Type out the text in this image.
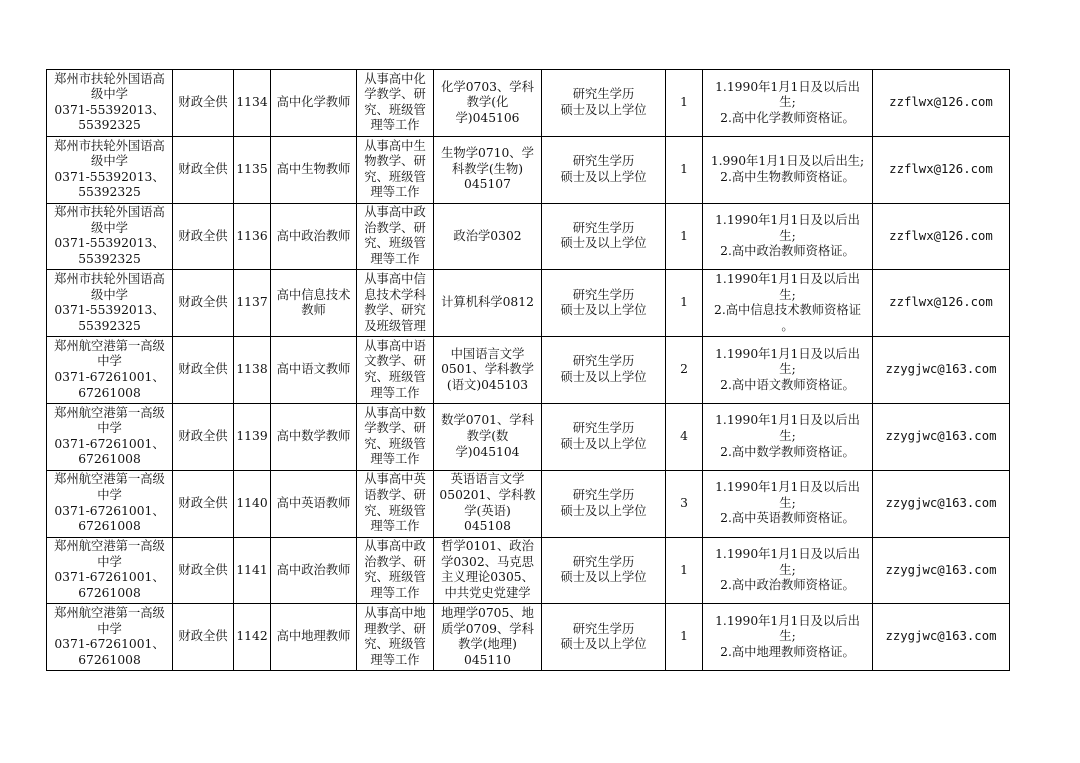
郑州市扶轮外国语高
级中学
0371-55392013、
55392325	财政全供	1134	高中化学教师	从事高中化
学教学、研
究、班级管
理等工作	化学0703、学科
教学(化
学)045106	研究生学历
硕士及以上学位	1	1.1990年1月1日及以后出
生;
2.高中化学教师资格证。	zzflwx@126.com

郑州市扶轮外国语高
级中学
0371-55392013、
55392325	财政全供	1135	高中生物教师	从事高中生
物教学、研
究、班级管
理等工作	生物学0710、学
科教学(生物)
045107	研究生学历
硕士及以上学位	1	1.990年1月1日及以后出生;
2.高中生物教师资格证。	zzflwx@126.com

郑州市扶轮外国语高
级中学
0371-55392013、
55392325	财政全供	1136	高中政治教师	从事高中政
治教学、研
究、班级管
理等工作	政治学0302	研究生学历
硕士及以上学位	1	1.1990年1月1日及以后出
生;
2.高中政治教师资格证。	zzflwx@126.com

郑州市扶轮外国语高
级中学
0371-55392013、
55392325	财政全供	1137	高中信息技术教师	从事高中信
息技术学科
教学、研究
及班级管理	计算机科学0812	研究生学历
硕士及以上学位	1	1.1990年1月1日及以后出
生;
2.高中信息技术教师资格证
。	zzflwx@126.com

郑州航空港第一高级
中学
0371-67261001、
67261008	财政全供	1138	高中语文教师	从事高中语
文教学、研
究、班级管
理等工作	中国语言文学
0501、学科教学
(语文)045103	研究生学历
硕士及以上学位	2	1.1990年1月1日及以后出
生;
2.高中语文教师资格证。	zzygjwc@163.com

郑州航空港第一高级
中学
0371-67261001、
67261008	财政全供	1139	高中数学教师	从事高中数
学教学、研
究、班级管
理等工作	数学0701、学科
教学(数
学)045104	研究生学历
硕士及以上学位	4	1.1990年1月1日及以后出
生;
2.高中数学教师资格证。	zzygjwc@163.com

郑州航空港第一高级
中学
0371-67261001、
67261008	财政全供	1140	高中英语教师	从事高中英
语教学、研
究、班级管
理等工作	英语语言文学
050201、学科教
学(英语)
045108	研究生学历
硕士及以上学位	3	1.1990年1月1日及以后出
生;
2.高中英语教师资格证。	zzygjwc@163.com

郑州航空港第一高级
中学
0371-67261001、
67261008	财政全供	1141	高中政治教师	从事高中政
治教学、研
究、班级管
理等工作	哲学0101、政治
学0302、马克思
主义理论0305、
中共党史党建学	研究生学历
硕士及以上学位	1	1.1990年1月1日及以后出
生;
2.高中政治教师资格证。	zzygjwc@163.com

郑州航空港第一高级
中学
0371-67261001、
67261008	财政全供	1142	高中地理教师	从事高中地
理教学、研
究、班级管
理等工作	地理学0705、地
质学0709、学科
教学(地理)
045110	研究生学历
硕士及以上学位	1	1.1990年1月1日及以后出
生;
2.高中地理教师资格证。	zzygjwc@163.com
